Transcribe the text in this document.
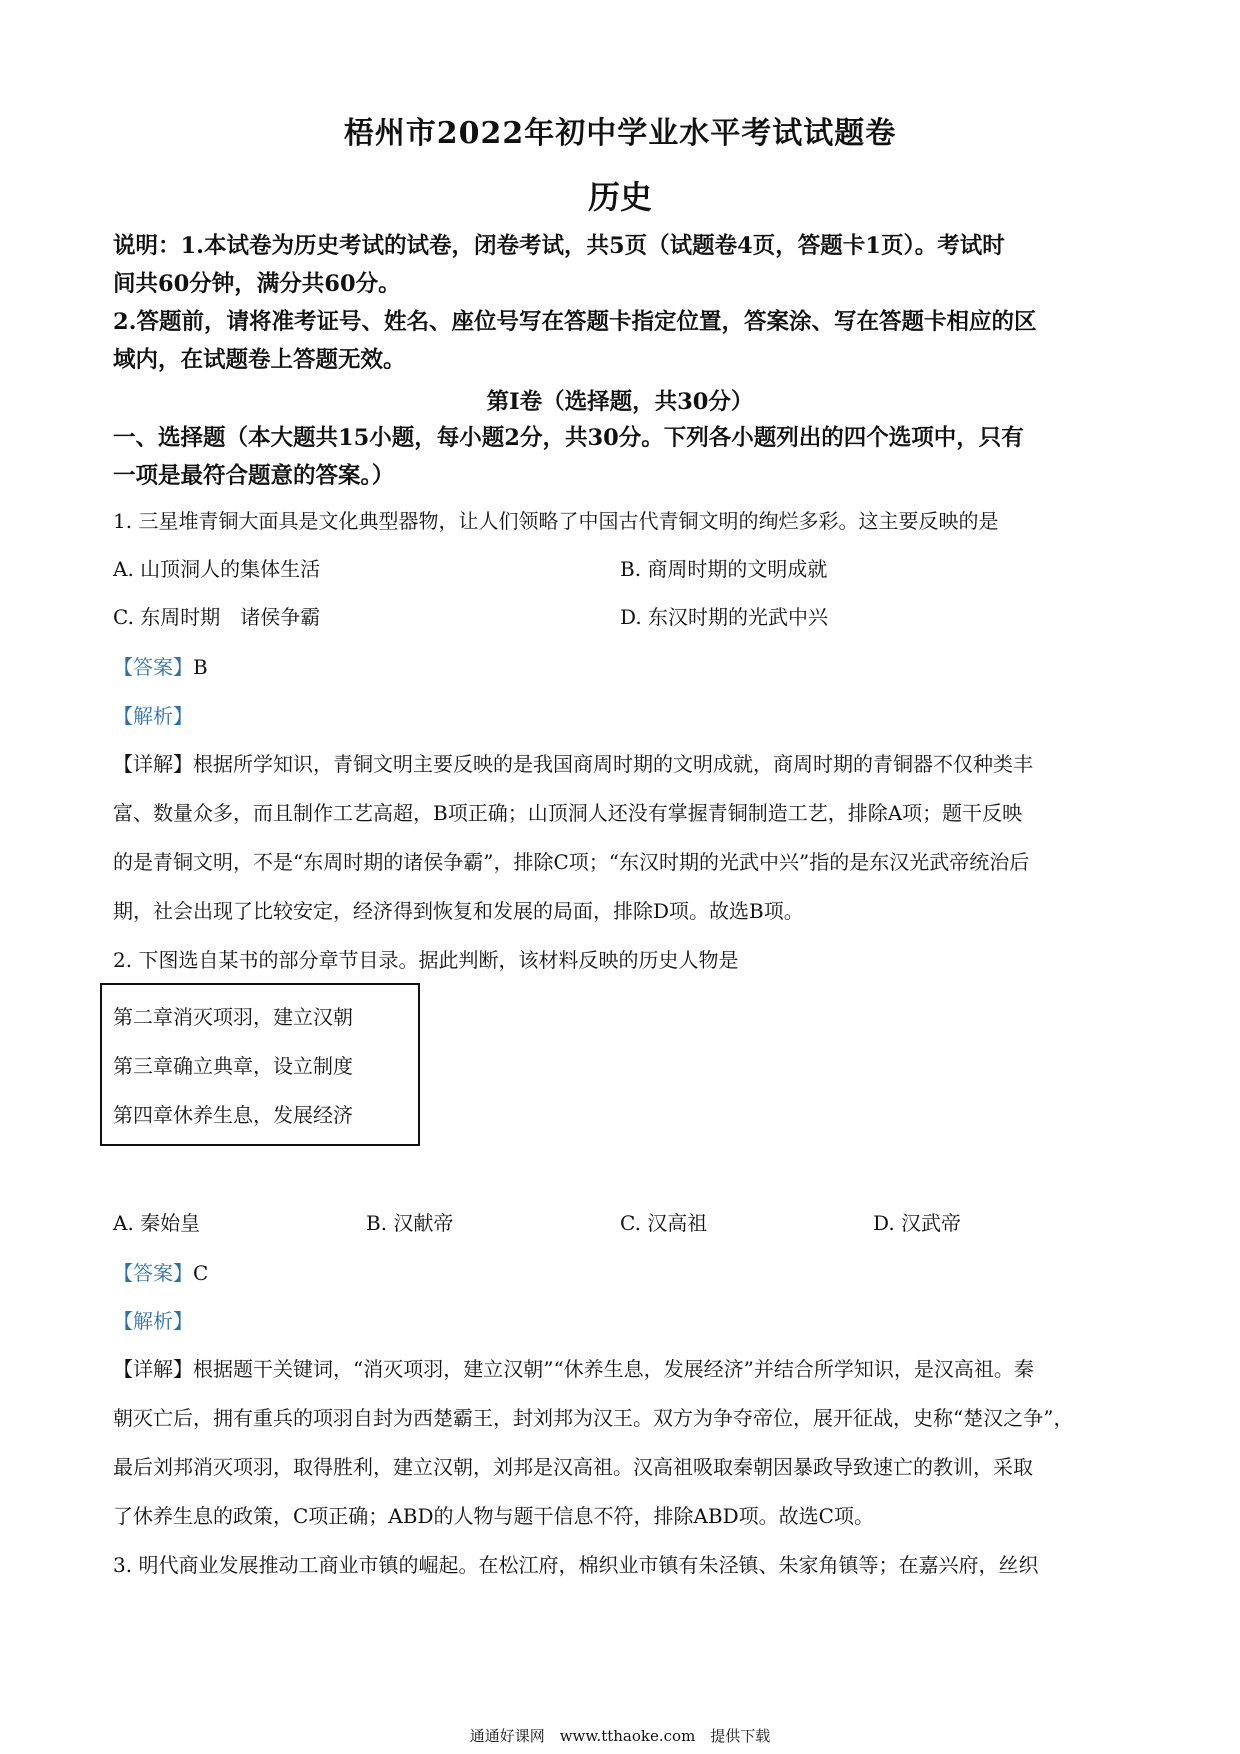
梧州市2022年初中学业水平考试试题卷
历史
说明：1.本试卷为历史考试的试卷，闭卷考试，共5页（试题卷4页，答题卡1页）。考试时
间共60分钟，满分共60分。
2.答题前，请将准考证号、姓名、座位号写在答题卡指定位置，答案涂、写在答题卡相应的区
域内，在试题卷上答题无效。
第Ⅰ卷（选择题，共30分）
一、选择题（本大题共15小题，每小题2分，共30分。下列各小题列出的四个选项中，只有
一项是最符合题意的答案。）
1. 三星堆青铜大面具是文化典型器物，让人们领略了中国古代青铜文明的绚烂多彩。这主要反映的是
A. 山顶洞人的集体生活	B. 商周时期的文明成就
C. 东周时期　诸侯争霸	D. 东汉时期的光武中兴
【答案】B
【解析】
【详解】根据所学知识，青铜文明主要反映的是我国商周时期的文明成就，商周时期的青铜器不仅种类丰
富、数量众多，而且制作工艺高超，B项正确；山顶洞人还没有掌握青铜制造工艺，排除A项；题干反映
的是青铜文明，不是“东周时期的诸侯争霸”，排除C项；“东汉时期的光武中兴”指的是东汉光武帝统治后
期，社会出现了比较安定，经济得到恢复和发展的局面，排除D项。故选B项。
2. 下图选自某书的部分章节目录。据此判断，该材料反映的历史人物是
第二章消灭项羽，建立汉朝
第三章确立典章，设立制度
第四章休养生息，发展经济
A. 秦始皇	B. 汉献帝	C. 汉高祖	D. 汉武帝
【答案】C
【解析】
【详解】根据题干关键词，“消灭项羽，建立汉朝”“休养生息，发展经济”并结合所学知识，是汉高祖。秦
朝灭亡后，拥有重兵的项羽自封为西楚霸王，封刘邦为汉王。双方为争夺帝位，展开征战，史称“楚汉之争”，
最后刘邦消灭项羽，取得胜利，建立汉朝，刘邦是汉高祖。汉高祖吸取秦朝因暴政导致速亡的教训，采取
了休养生息的政策，C项正确；ABD的人物与题干信息不符，排除ABD项。故选C项。
3. 明代商业发展推动工商业市镇的崛起。在松江府，棉织业市镇有朱泾镇、朱家角镇等；在嘉兴府，丝织
通通好课网　www.tthaoke.com　提供下载
